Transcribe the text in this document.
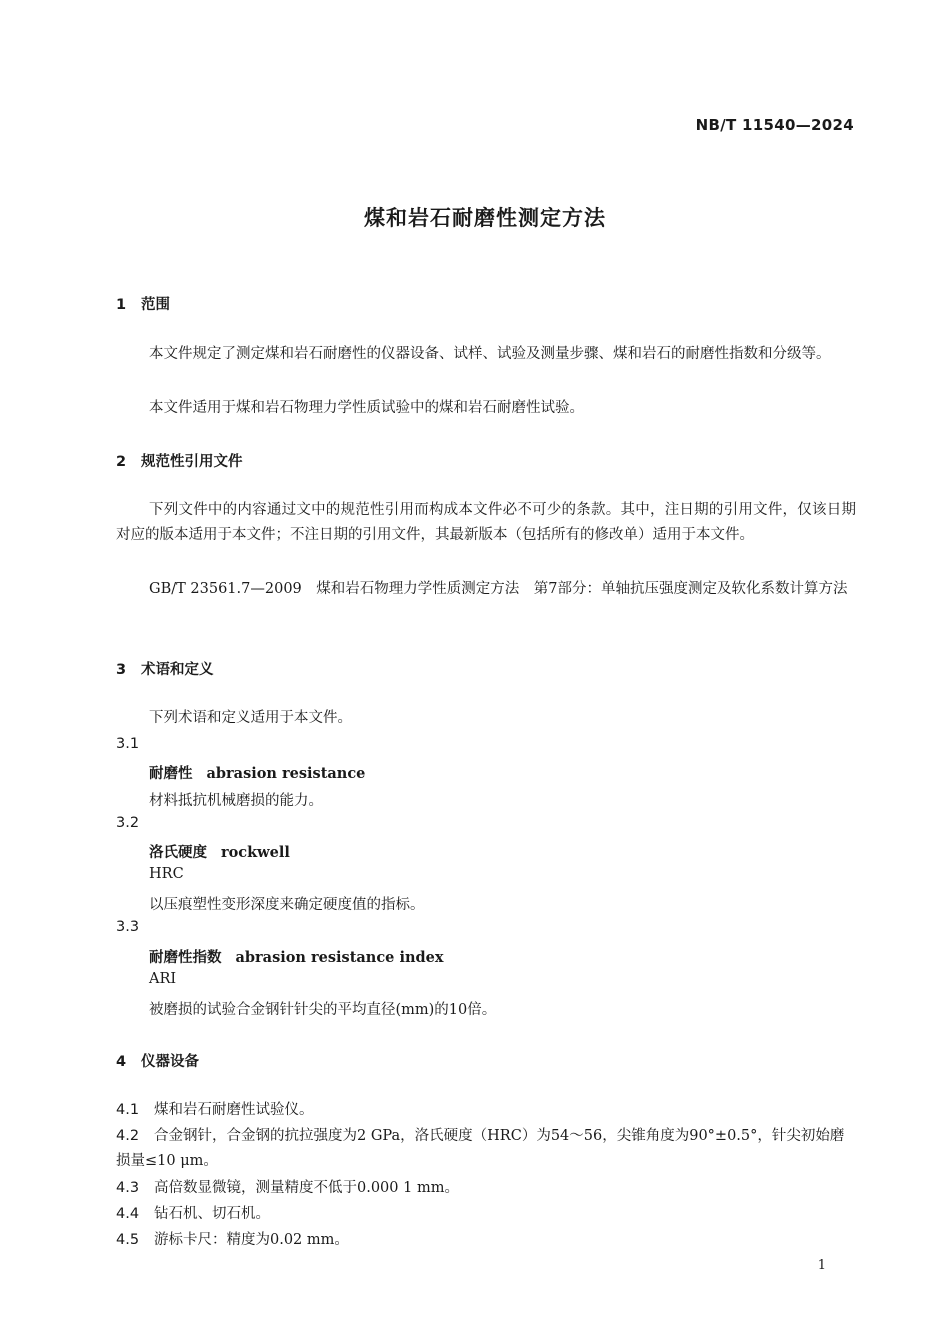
NB/T 11540—2024
煤和岩石耐磨性测定方法
1 范围
本文件规定了测定煤和岩石耐磨性的仪器设备、试样、试验及测量步骤、煤和岩石的耐磨性指数和分级等。
本文件适用于煤和岩石物理力学性质试验中的煤和岩石耐磨性试验。
2 规范性引用文件
下列文件中的内容通过文中的规范性引用而构成本文件必不可少的条款。其中，注日期的引用文件，仅该日期对应的版本适用于本文件；不注日期的引用文件，其最新版本（包括所有的修改单）适用于本文件。
GB/T 23561.7—2009　煤和岩石物理力学性质测定方法　第7部分：单轴抗压强度测定及软化系数计算方法
3 术语和定义
下列术语和定义适用于本文件。
3.1
耐磨性 abrasion resistance
材料抵抗机械磨损的能力。
3.2
洛氏硬度 rockwell
HRC
以压痕塑性变形深度来确定硬度值的指标。
3.3
耐磨性指数 abrasion resistance index
ARI
被磨损的试验合金钢针针尖的平均直径(mm)的10倍。
4 仪器设备
4.1 煤和岩石耐磨性试验仪。
4.2 合金钢针，合金钢的抗拉强度为2 GPa，洛氏硬度（HRC）为54～56，尖锥角度为90°±0.5°，针尖初始磨损量≤10 μm。
4.3 高倍数显微镜，测量精度不低于0.000 1 mm。
4.4 钻石机、切石机。
4.5 游标卡尺：精度为0.02 mm。
1
